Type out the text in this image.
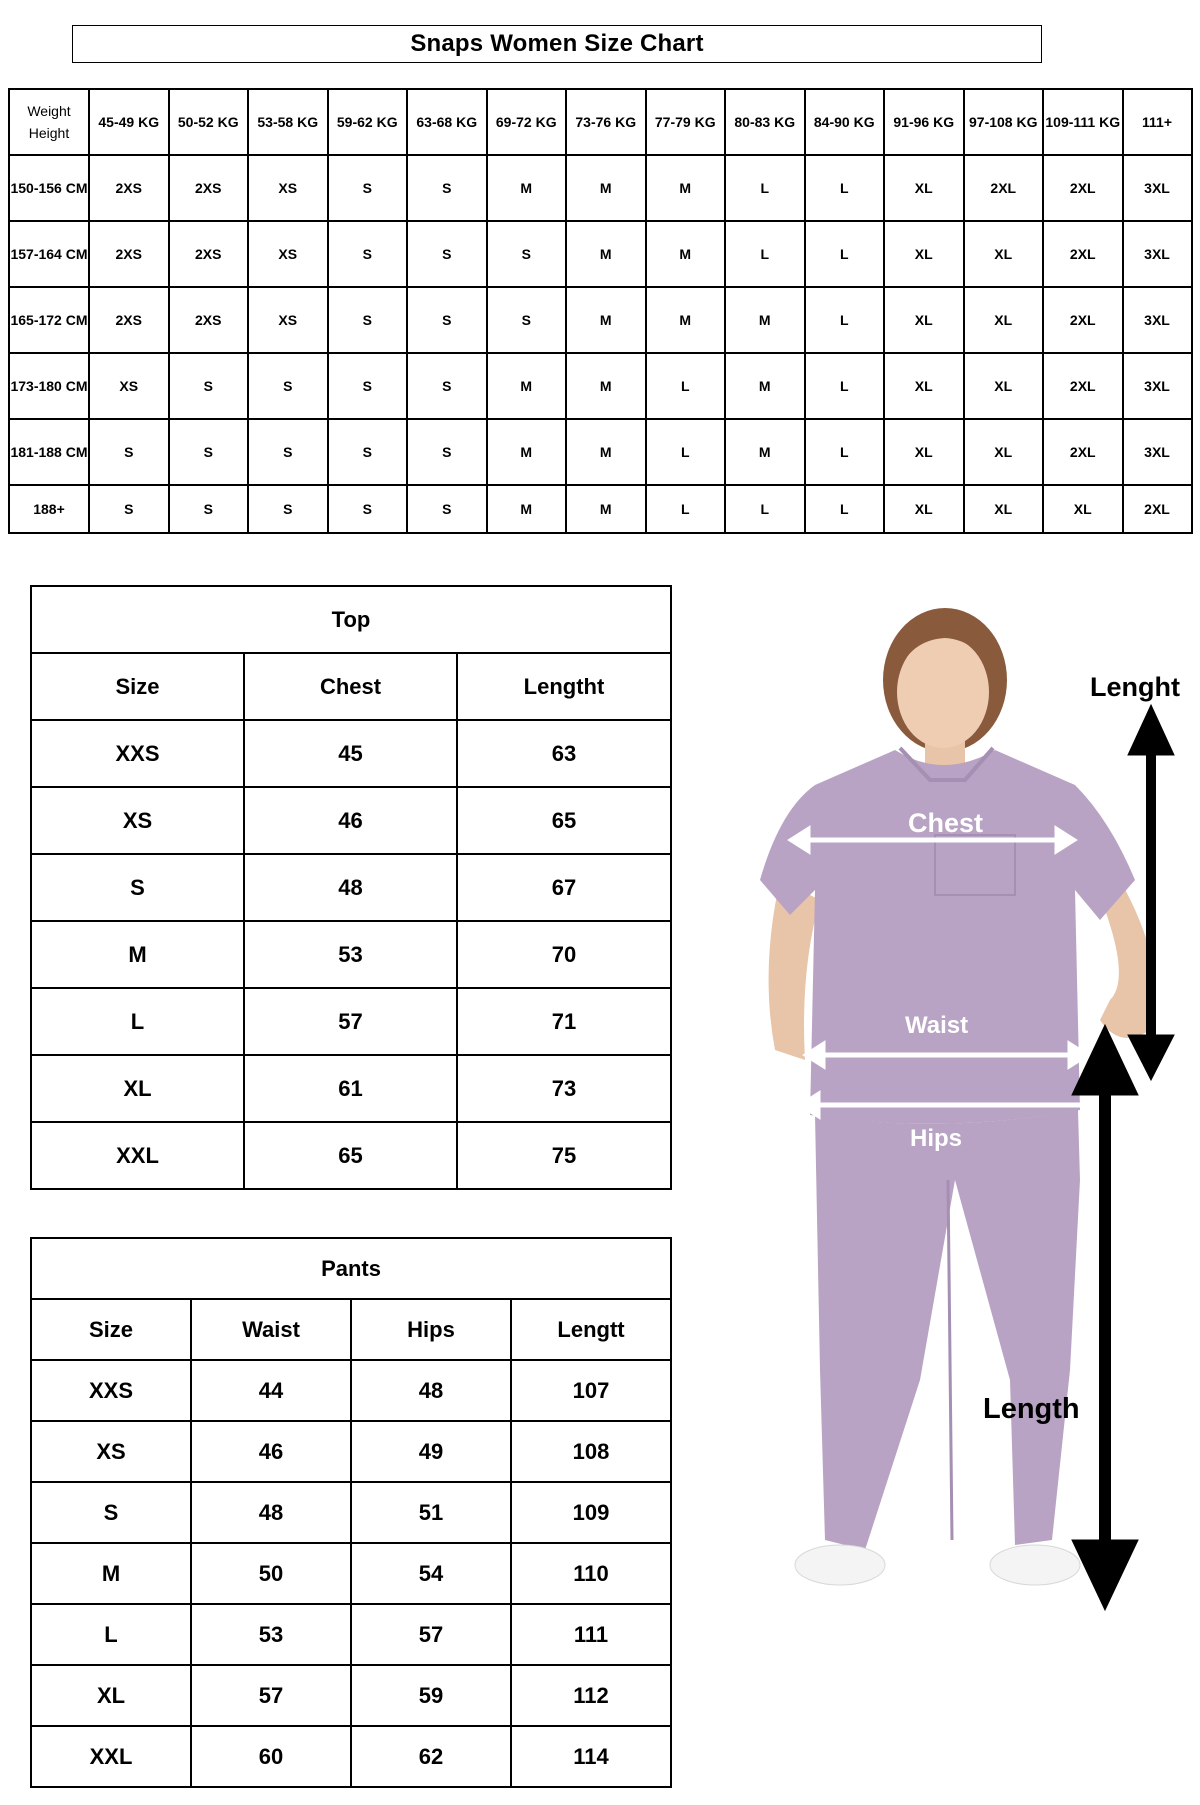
Snaps Women Size Chart
Weight
Height	45-49 KG	50-52 KG	53-58 KG	59-62 KG	63-68 KG	69-72 KG	73-76 KG	77-79 KG	80-83 KG	84-90 KG	91-96 KG	97-108 KG	109-111 KG	111+
150-156 CM	2XS	2XS	XS	S	S	M	M	M	L	L	XL	2XL	2XL	3XL
157-164 CM	2XS	2XS	XS	S	S	S	M	M	L	L	XL	XL	2XL	3XL
165-172 CM	2XS	2XS	XS	S	S	S	M	M	M	L	XL	XL	2XL	3XL
173-180 CM	XS	S	S	S	S	M	M	L	M	L	XL	XL	2XL	3XL
181-188 CM	S	S	S	S	S	M	M	L	M	L	XL	XL	2XL	3XL
188+	S	S	S	S	S	M	M	L	L	L	XL	XL	XL	2XL
Top		
Size	Chest	Lengtht
XXS	45	63
XS	46	65
S	48	67
M	53	70
L	57	71
XL	61	73
XXL	65	75
Pants			
Size	Waist	Hips	Lengtt
XXS	44	48	107
XS	46	49	108
S	48	51	109
M	50	54	110
L	53	57	111
XL	57	59	112
XXL	60	62	114
Chest
Waist
Hips
Lenght
Length
